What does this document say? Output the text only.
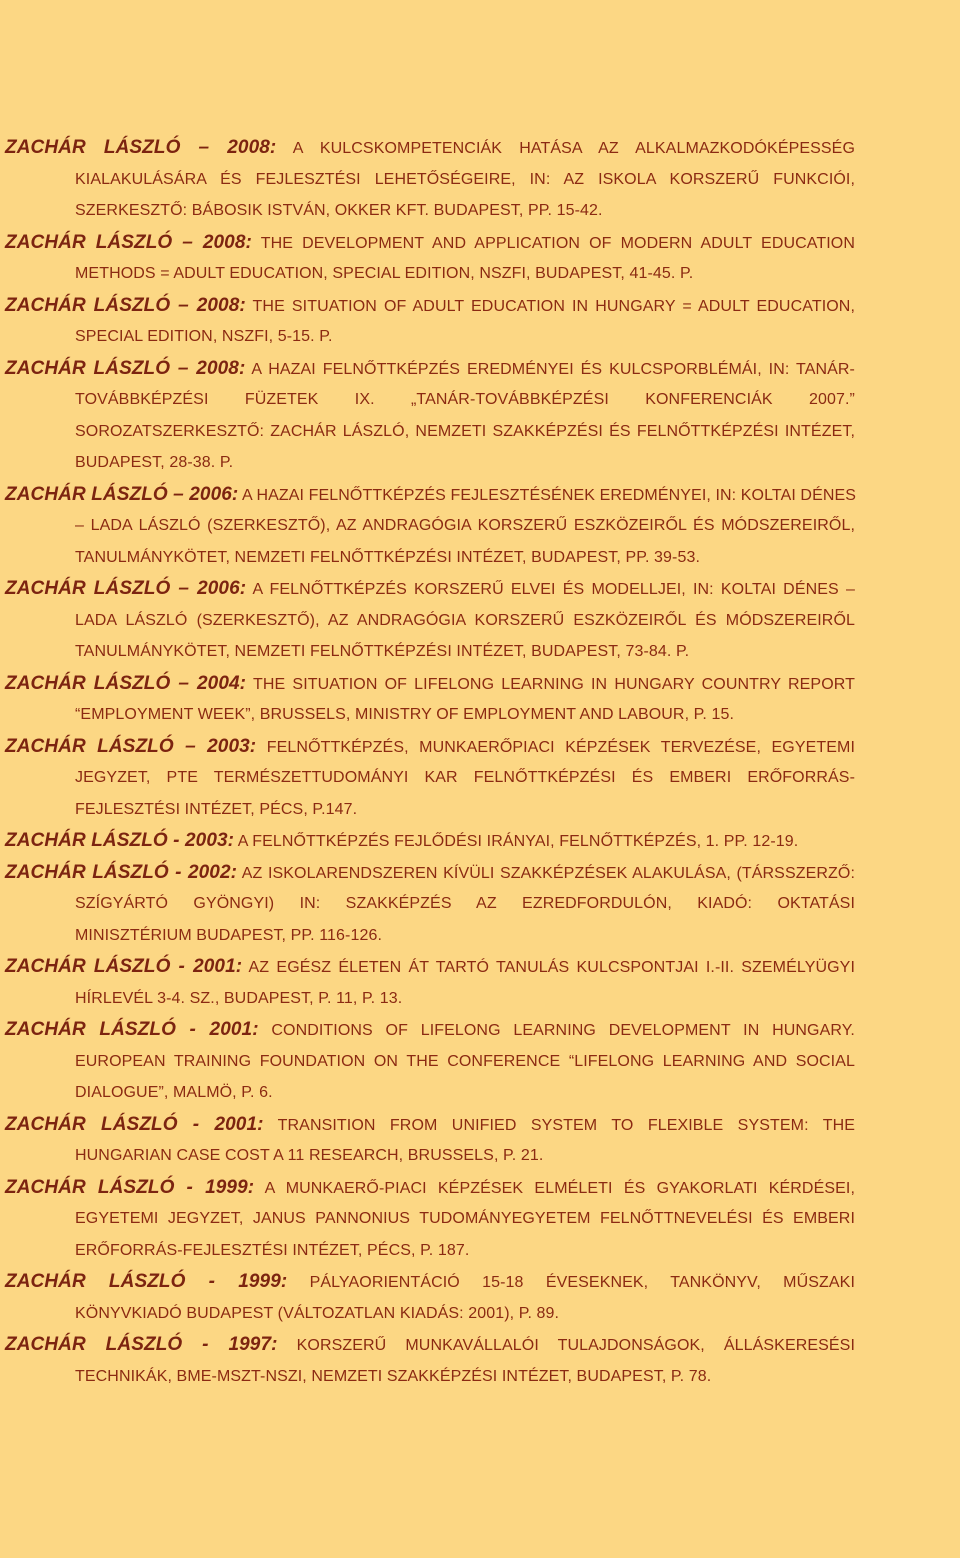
ZACHÁR LÁSZLÓ – 2008: A KULCSKOMPETENCIÁK HATÁSA AZ ALKALMAZKODÓKÉPESSÉG
KIALAKULÁSÁRA ÉS FEJLESZTÉSI LEHETŐSÉGEIRE, IN: AZ ISKOLA KORSZERŰ FUNKCIÓI,
SZERKESZTŐ: BÁBOSIK ISTVÁN, OKKER KFT. BUDAPEST, PP. 15-42.
ZACHÁR LÁSZLÓ – 2008: THE DEVELOPMENT AND APPLICATION OF MODERN ADULT EDUCATION
METHODS = ADULT EDUCATION, SPECIAL EDITION, NSZFI, BUDAPEST, 41-45. P.
ZACHÁR LÁSZLÓ – 2008: THE SITUATION OF ADULT EDUCATION IN HUNGARY = ADULT EDUCATION,
SPECIAL EDITION, NSZFI, 5-15. P.
ZACHÁR LÁSZLÓ – 2008: A HAZAI FELNŐTTKÉPZÉS EREDMÉNYEI ÉS KULCSPORBLÉMÁI, IN: TANÁR-
TOVÁBBKÉPZÉSI FÜZETEK IX. „TANÁR-TOVÁBBKÉPZÉSI KONFERENCIÁK 2007.”
SOROZATSZERKESZTŐ: ZACHÁR LÁSZLÓ, NEMZETI SZAKKÉPZÉSI ÉS FELNŐTTKÉPZÉSI INTÉZET,
BUDAPEST, 28-38. P.
ZACHÁR LÁSZLÓ – 2006: A HAZAI FELNŐTTKÉPZÉS FEJLESZTÉSÉNEK EREDMÉNYEI, IN: KOLTAI DÉNES
– LADA LÁSZLÓ (SZERKESZTŐ), AZ ANDRAGÓGIA KORSZERŰ ESZKÖZEIRŐL ÉS MÓDSZEREIRŐL,
TANULMÁNYKÖTET, NEMZETI FELNŐTTKÉPZÉSI INTÉZET, BUDAPEST, PP. 39-53.
ZACHÁR LÁSZLÓ – 2006: A FELNŐTTKÉPZÉS KORSZERŰ ELVEI ÉS MODELLJEI, IN: KOLTAI DÉNES –
LADA LÁSZLÓ (SZERKESZTŐ), AZ ANDRAGÓGIA KORSZERŰ ESZKÖZEIRŐL ÉS MÓDSZEREIRŐL
TANULMÁNYKÖTET, NEMZETI FELNŐTTKÉPZÉSI INTÉZET, BUDAPEST, 73-84. P.
ZACHÁR LÁSZLÓ – 2004: THE SITUATION OF LIFELONG LEARNING IN HUNGARY COUNTRY REPORT
“EMPLOYMENT WEEK”, BRUSSELS, MINISTRY OF EMPLOYMENT AND LABOUR, P. 15.
ZACHÁR LÁSZLÓ – 2003: FELNŐTTKÉPZÉS, MUNKAERŐPIACI KÉPZÉSEK TERVEZÉSE, EGYETEMI
JEGYZET, PTE TERMÉSZETTUDOMÁNYI KAR FELNŐTTKÉPZÉSI ÉS EMBERI ERŐFORRÁS-
FEJLESZTÉSI INTÉZET, PÉCS, P.147.
ZACHÁR LÁSZLÓ - 2003: A FELNŐTTKÉPZÉS FEJLŐDÉSI IRÁNYAI, FELNŐTTKÉPZÉS, 1. PP. 12-19.
ZACHÁR LÁSZLÓ - 2002: AZ ISKOLARENDSZEREN KÍVÜLI SZAKKÉPZÉSEK ALAKULÁSA, (TÁRSSZERZŐ:
SZÍGYÁRTÓ GYÖNGYI) IN: SZAKKÉPZÉS AZ EZREDFORDULÓN, KIADÓ: OKTATÁSI
MINISZTÉRIUM BUDAPEST, PP. 116-126.
ZACHÁR LÁSZLÓ - 2001: AZ EGÉSZ ÉLETEN ÁT TARTÓ TANULÁS KULCSPONTJAI I.-II. SZEMÉLYÜGYI
HÍRLEVÉL 3-4. SZ., BUDAPEST, P. 11, P. 13.
ZACHÁR LÁSZLÓ - 2001: CONDITIONS OF LIFELONG LEARNING DEVELOPMENT IN HUNGARY.
EUROPEAN TRAINING FOUNDATION ON THE CONFERENCE “LIFELONG LEARNING AND SOCIAL
DIALOGUE”, MALMÖ, P. 6.
ZACHÁR LÁSZLÓ - 2001: TRANSITION FROM UNIFIED SYSTEM TO FLEXIBLE SYSTEM: THE
HUNGARIAN CASE COST A 11 RESEARCH, BRUSSELS, P. 21.
ZACHÁR LÁSZLÓ - 1999: A MUNKAERŐ-PIACI KÉPZÉSEK ELMÉLETI ÉS GYAKORLATI KÉRDÉSEI,
EGYETEMI JEGYZET, JANUS PANNONIUS TUDOMÁNYEGYETEM FELNŐTTNEVELÉSI ÉS EMBERI
ERŐFORRÁS-FEJLESZTÉSI INTÉZET, PÉCS, P. 187.
ZACHÁR LÁSZLÓ - 1999: PÁLYAORIENTÁCIÓ 15-18 ÉVESEKNEK, TANKÖNYV, MŰSZAKI
KÖNYVKIADÓ BUDAPEST (VÁLTOZATLAN KIADÁS: 2001), P. 89.
ZACHÁR LÁSZLÓ - 1997: KORSZERŰ MUNKAVÁLLALÓI TULAJDONSÁGOK, ÁLLÁSKERESÉSI
TECHNIKÁK, BME-MSZT-NSZI, NEMZETI SZAKKÉPZÉSI INTÉZET, BUDAPEST, P. 78.
